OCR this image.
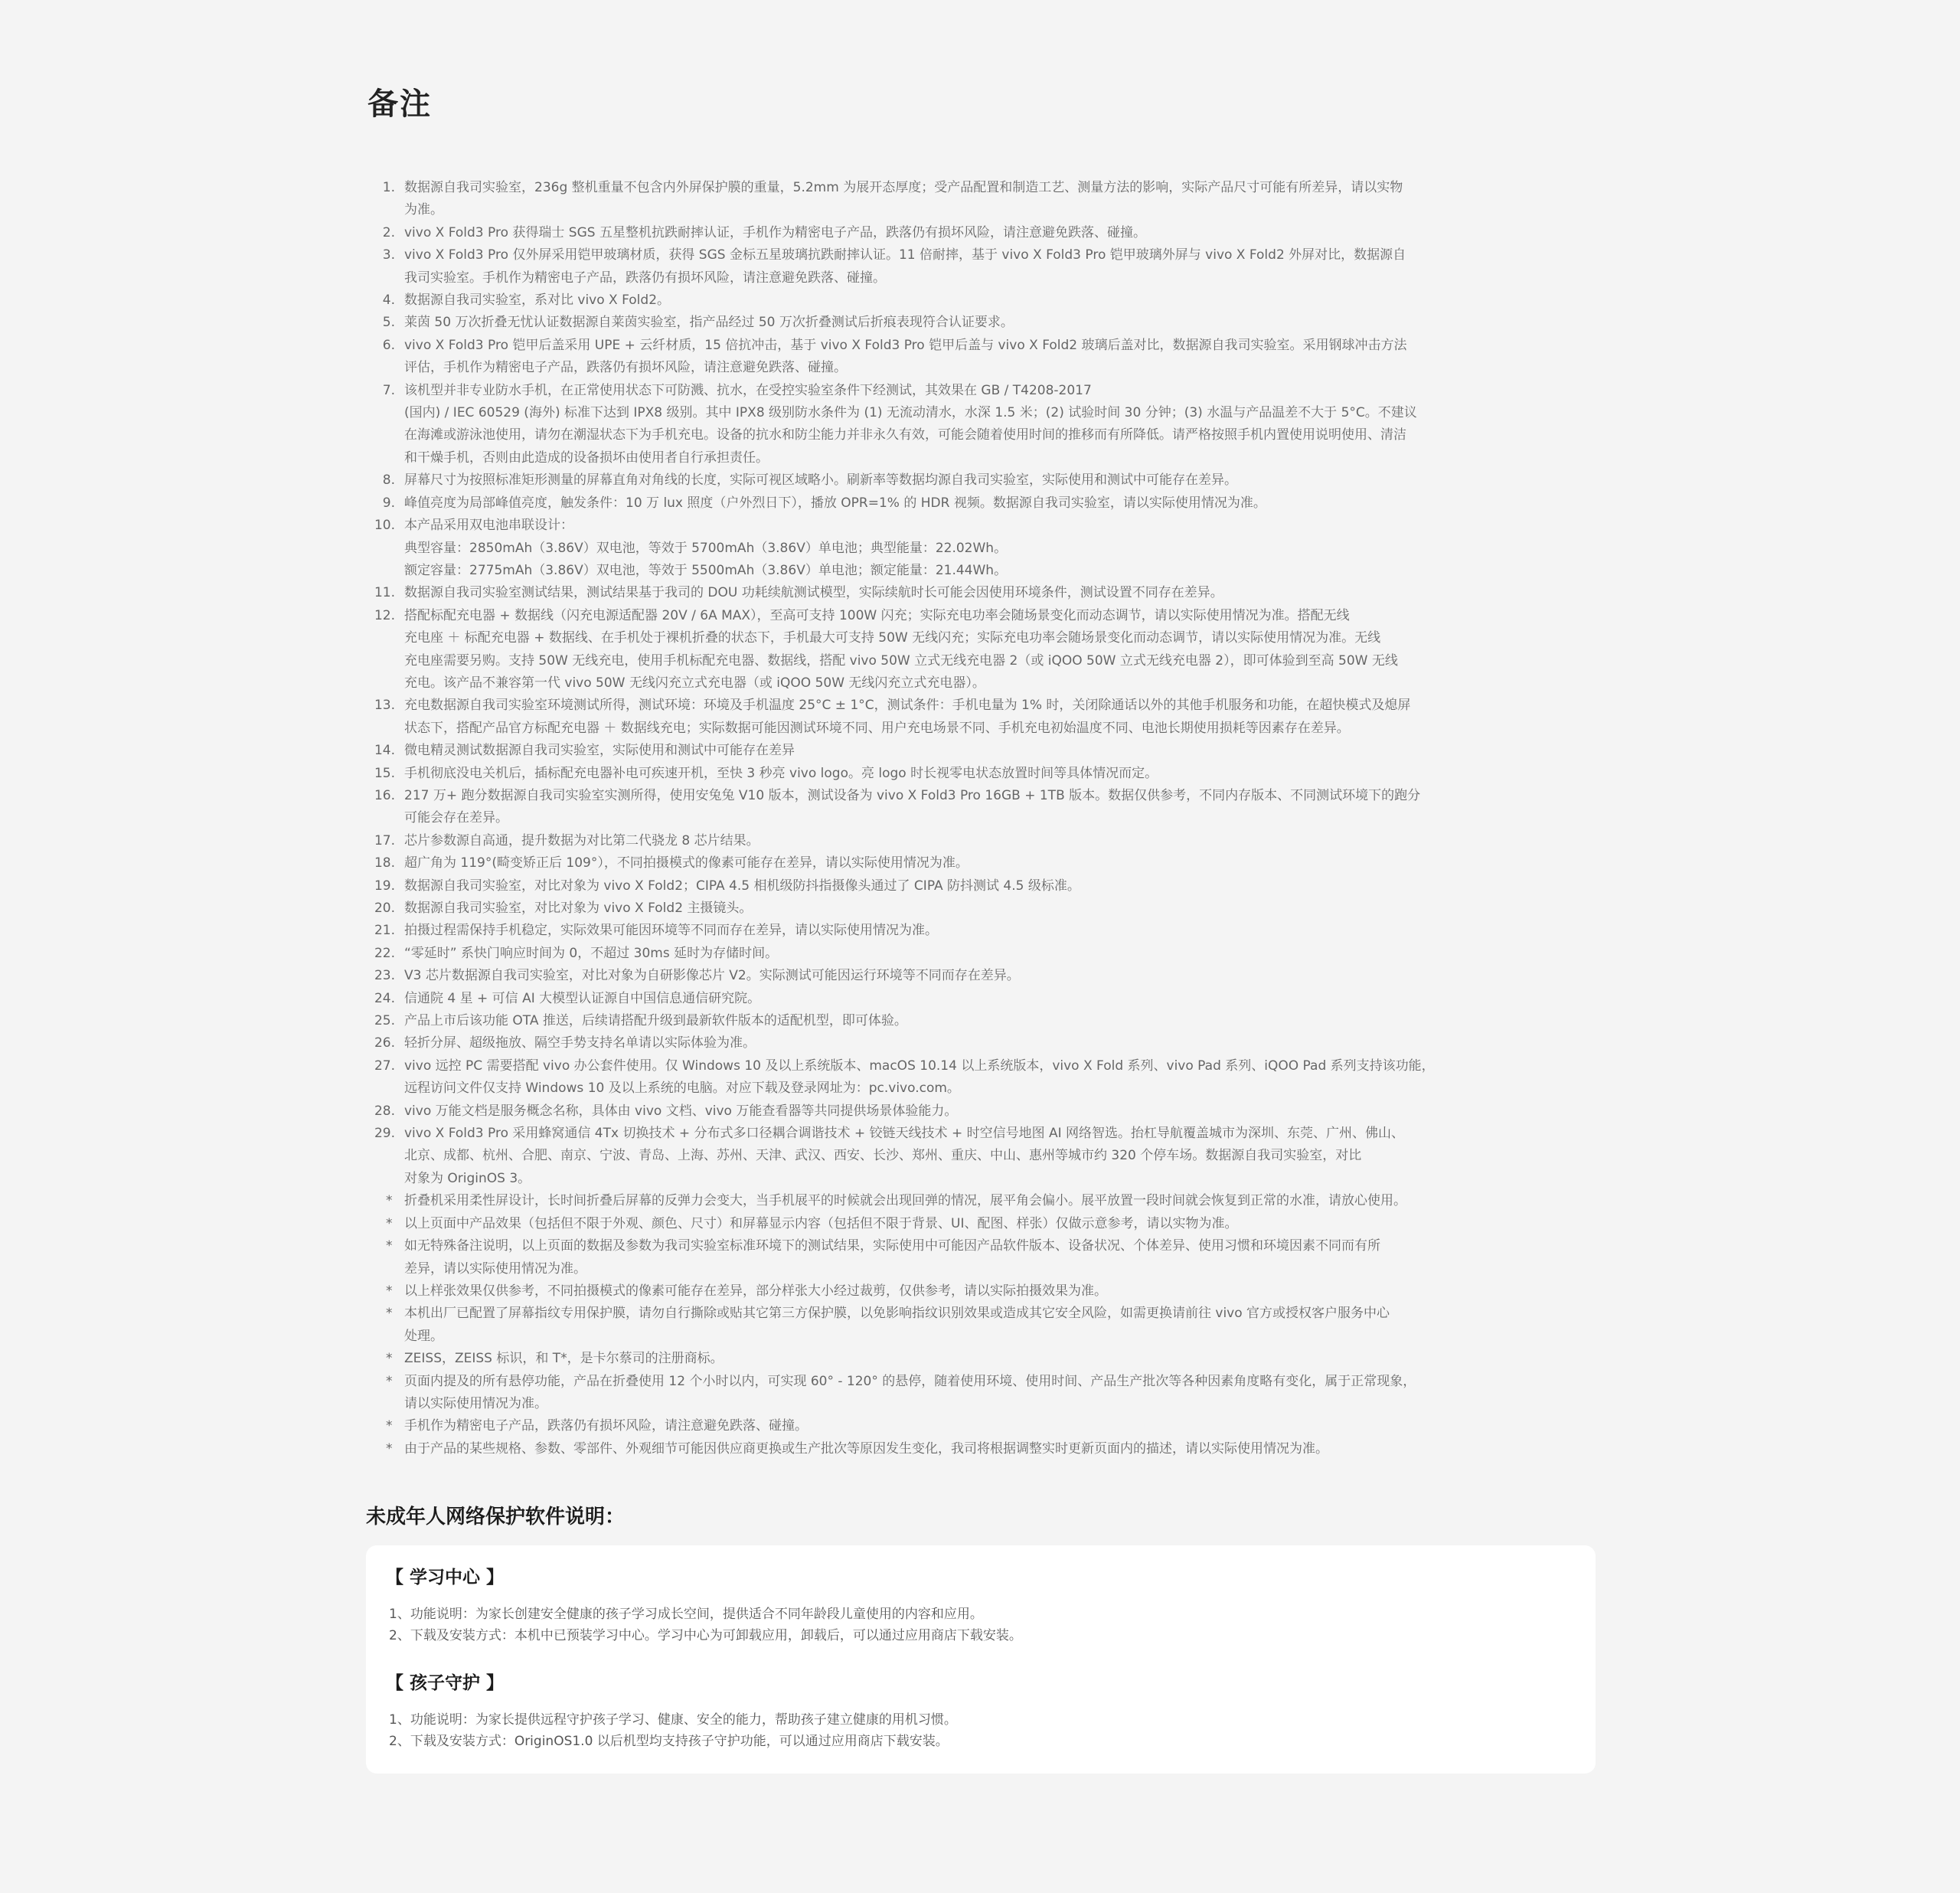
备注
1. 数据源自我司实验室，236g 整机重量不包含内外屏保护膜的重量，5.2mm 为展开态厚度；受产品配置和制造工艺、测量方法的影响，实际产品尺寸可能有所差异，请以实物
为准。
2. vivo X Fold3 Pro 获得瑞士 SGS 五星整机抗跌耐摔认证，手机作为精密电子产品，跌落仍有损坏风险，请注意避免跌落、碰撞。
3. vivo X Fold3 Pro 仅外屏采用铠甲玻璃材质，获得 SGS 金标五星玻璃抗跌耐摔认证。11 倍耐摔，基于 vivo X Fold3 Pro 铠甲玻璃外屏与 vivo X Fold2 外屏对比，数据源自
我司实验室。手机作为精密电子产品，跌落仍有损坏风险，请注意避免跌落、碰撞。
4. 数据源自我司实验室，系对比 vivo X Fold2。
5. 莱茵 50 万次折叠无忧认证数据源自莱茵实验室，指产品经过 50 万次折叠测试后折痕表现符合认证要求。
6. vivo X Fold3 Pro 铠甲后盖采用 UPE + 云纤材质，15 倍抗冲击，基于 vivo X Fold3 Pro 铠甲后盖与 vivo X Fold2 玻璃后盖对比，数据源自我司实验室。采用钢球冲击方法
评估，手机作为精密电子产品，跌落仍有损坏风险，请注意避免跌落、碰撞。
7. 该机型并非专业防水手机，在正常使用状态下可防溅、抗水，在受控实验室条件下经测试，其效果在 GB / T4208-2017
(国内) / IEC 60529 (海外) 标准下达到 IPX8 级别。其中 IPX8 级别防水条件为 (1) 无流动清水，水深 1.5 米；(2) 试验时间 30 分钟；(3) 水温与产品温差不大于 5°C。不建议
在海滩或游泳池使用，请勿在潮湿状态下为手机充电。设备的抗水和防尘能力并非永久有效，可能会随着使用时间的推移而有所降低。请严格按照手机内置使用说明使用、清洁
和干燥手机，否则由此造成的设备损坏由使用者自行承担责任。
8. 屏幕尺寸为按照标准矩形测量的屏幕直角对角线的长度，实际可视区域略小。刷新率等数据均源自我司实验室，实际使用和测试中可能存在差异。
9. 峰值亮度为局部峰值亮度，触发条件：10 万 lux 照度（户外烈日下），播放 OPR=1% 的 HDR 视频。数据源自我司实验室，请以实际使用情况为准。
10. 本产品采用双电池串联设计：
典型容量：2850mAh（3.86V）双电池，等效于 5700mAh（3.86V）单电池；典型能量：22.02Wh。
额定容量：2775mAh（3.86V）双电池，等效于 5500mAh（3.86V）单电池；额定能量：21.44Wh。
11. 数据源自我司实验室测试结果，测试结果基于我司的 DOU 功耗续航测试模型，实际续航时长可能会因使用环境条件，测试设置不同存在差异。
12. 搭配标配充电器 + 数据线（闪充电源适配器 20V / 6A MAX），至高可支持 100W 闪充；实际充电功率会随场景变化而动态调节，请以实际使用情况为准。搭配无线
充电座 ＋ 标配充电器 + 数据线、在手机处于裸机折叠的状态下，手机最大可支持 50W 无线闪充；实际充电功率会随场景变化而动态调节，请以实际使用情况为准。无线
充电座需要另购。支持 50W 无线充电，使用手机标配充电器、数据线，搭配 vivo 50W 立式无线充电器 2（或 iQOO 50W 立式无线充电器 2），即可体验到至高 50W 无线
充电。该产品不兼容第一代 vivo 50W 无线闪充立式充电器（或 iQOO 50W 无线闪充立式充电器）。
13. 充电数据源自我司实验室环境测试所得，测试环境：环境及手机温度 25°C ± 1°C，测试条件：手机电量为 1% 时，关闭除通话以外的其他手机服务和功能，在超快模式及熄屏
状态下，搭配产品官方标配充电器 ＋ 数据线充电；实际数据可能因测试环境不同、用户充电场景不同、手机充电初始温度不同、电池长期使用损耗等因素存在差异。
14. 微电精灵测试数据源自我司实验室，实际使用和测试中可能存在差异
15. 手机彻底没电关机后，插标配充电器补电可疾速开机，至快 3 秒亮 vivo logo。亮 logo 时长视零电状态放置时间等具体情况而定。
16. 217 万+ 跑分数据源自我司实验室实测所得，使用安兔兔 V10 版本，测试设备为 vivo X Fold3 Pro 16GB + 1TB 版本。数据仅供参考，不同内存版本、不同测试环境下的跑分
可能会存在差异。
17. 芯片参数源自高通，提升数据为对比第二代骁龙 8 芯片结果。
18. 超广角为 119°(畸变矫正后 109°），不同拍摄模式的像素可能存在差异，请以实际使用情况为准。
19. 数据源自我司实验室，对比对象为 vivo X Fold2；CIPA 4.5 相机级防抖指摄像头通过了 CIPA 防抖测试 4.5 级标准。
20. 数据源自我司实验室，对比对象为 vivo X Fold2 主摄镜头。
21. 拍摄过程需保持手机稳定，实际效果可能因环境等不同而存在差异，请以实际使用情况为准。
22. “零延时” 系快门响应时间为 0，不超过 30ms 延时为存储时间。
23. V3 芯片数据源自我司实验室，对比对象为自研影像芯片 V2。实际测试可能因运行环境等不同而存在差异。
24. 信通院 4 星 + 可信 AI 大模型认证源自中国信息通信研究院。
25. 产品上市后该功能 OTA 推送，后续请搭配升级到最新软件版本的适配机型，即可体验。
26. 轻折分屏、超级拖放、隔空手势支持名单请以实际体验为准。
27. vivo 远控 PC 需要搭配 vivo 办公套件使用。仅 Windows 10 及以上系统版本、macOS 10.14 以上系统版本，vivo X Fold 系列、vivo Pad 系列、iQOO Pad 系列支持该功能，
远程访问文件仅支持 Windows 10 及以上系统的电脑。对应下载及登录网址为：pc.vivo.com。
28. vivo 万能文档是服务概念名称，具体由 vivo 文档、vivo 万能查看器等共同提供场景体验能力。
29. vivo X Fold3 Pro 采用蜂窝通信 4Tx 切换技术 + 分布式多口径耦合调谐技术 + 铰链天线技术 + 时空信号地图 AI 网络智选。抬杠导航覆盖城市为深圳、东莞、广州、佛山、
北京、成都、杭州、合肥、南京、宁波、青岛、上海、苏州、天津、武汉、西安、长沙、郑州、重庆、中山、惠州等城市约 320 个停车场。数据源自我司实验室，对比
对象为 OriginOS 3。
* 折叠机采用柔性屏设计，长时间折叠后屏幕的反弹力会变大，当手机展平的时候就会出现回弹的情况，展平角会偏小。展平放置一段时间就会恢复到正常的水准，请放心使用。
* 以上页面中产品效果（包括但不限于外观、颜色、尺寸）和屏幕显示内容（包括但不限于背景、UI、配图、样张）仅做示意参考，请以实物为准。
* 如无特殊备注说明，以上页面的数据及参数为我司实验室标准环境下的测试结果，实际使用中可能因产品软件版本、设备状况、个体差异、使用习惯和环境因素不同而有所
差异，请以实际使用情况为准。
* 以上样张效果仅供参考，不同拍摄模式的像素可能存在差异，部分样张大小经过裁剪，仅供参考，请以实际拍摄效果为准。
* 本机出厂已配置了屏幕指纹专用保护膜，请勿自行撕除或贴其它第三方保护膜，以免影响指纹识别效果或造成其它安全风险，如需更换请前往 vivo 官方或授权客户服务中心
处理。
* ZEISS，ZEISS 标识，和 T*，是卡尔蔡司的注册商标。
* 页面内提及的所有悬停功能，产品在折叠使用 12 个小时以内，可实现 60° - 120° 的悬停，随着使用环境、使用时间、产品生产批次等各种因素角度略有变化，属于正常现象，
请以实际使用情况为准。
* 手机作为精密电子产品，跌落仍有损坏风险，请注意避免跌落、碰撞。
* 由于产品的某些规格、参数、零部件、外观细节可能因供应商更换或生产批次等原因发生变化，我司将根据调整实时更新页面内的描述，请以实际使用情况为准。
未成年人网络保护软件说明：
【 学习中心 】
1、功能说明：为家长创建安全健康的孩子学习成长空间，提供适合不同年龄段儿童使用的内容和应用。
2、下载及安装方式：本机中已预装学习中心。学习中心为可卸载应用，卸载后，可以通过应用商店下载安装。
【 孩子守护 】
1、功能说明：为家长提供远程守护孩子学习、健康、安全的能力，帮助孩子建立健康的用机习惯。
2、下载及安装方式：OriginOS1.0 以后机型均支持孩子守护功能，可以通过应用商店下载安装。
